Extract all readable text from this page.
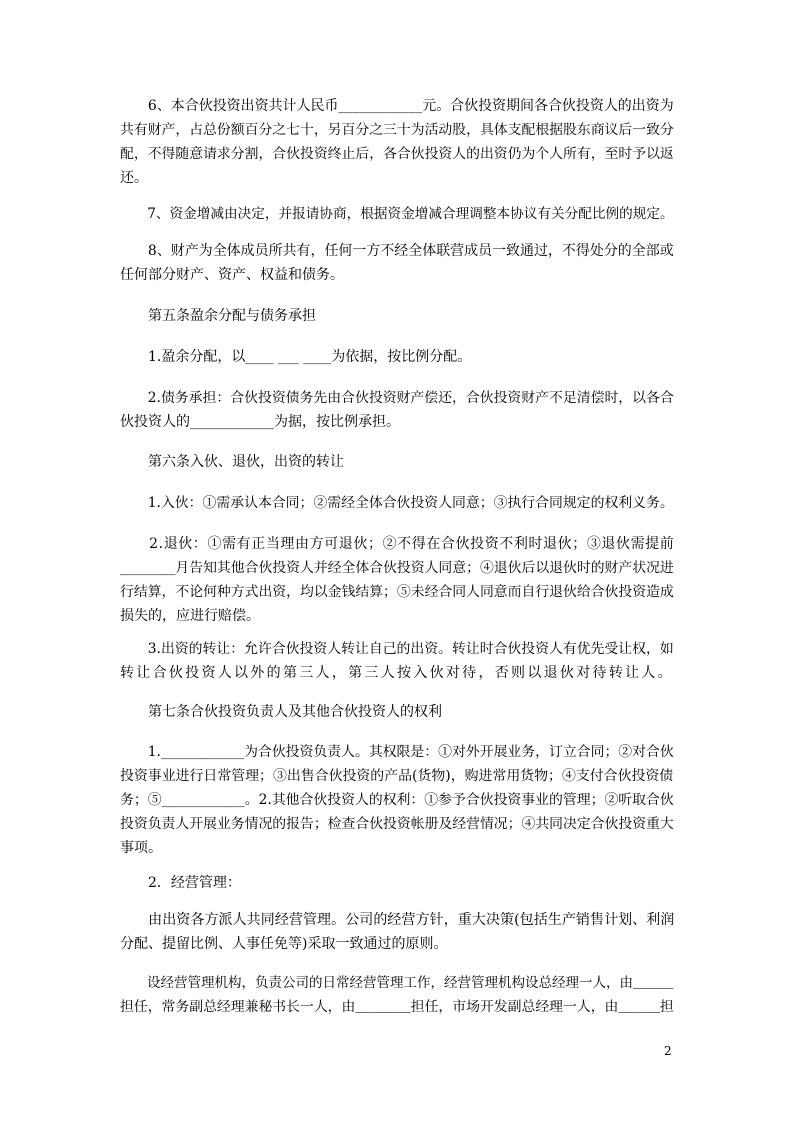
　　6、本合伙投资出资共计人民币____________元。合伙投资期间各合伙投资人的出资为
共有财产，占总份额百分之七十，另百分之三十为活动股，具体支配根据股东商议后一致分
配，不得随意请求分割，合伙投资终止后，各合伙投资人的出资仍为个人所有，至时予以返
还。
　　7、资金增减由决定，并报请协商，根据资金增减合理调整本协议有关分配比例的规定。
　　8、财产为全体成员所共有，任何一方不经全体联营成员一致通过，不得处分的全部或
任何部分财产、资产、权益和债务。
　　第五条盈余分配与债务承担
　　1.盈余分配，以____ ___ ____为依据，按比例分配。
　　2.债务承担：合伙投资债务先由合伙投资财产偿还，合伙投资财产不足清偿时，以各合
伙投资人的____________为据，按比例承担。
　　第六条入伙、退伙，出资的转让
　　1.入伙：①需承认本合同；②需经全体合伙投资人同意；③执行合同规定的权利义务。
　　2.退伙：①需有正当理由方可退伙；②不得在合伙投资不利时退伙；③退伙需提前
________月告知其他合伙投资人并经全体合伙投资人同意；④退伙后以退伙时的财产状况进
行结算，不论何种方式出资，均以金钱结算；⑤未经合同人同意而自行退伙给合伙投资造成
损失的，应进行赔偿。
　　3.出资的转让：允许合伙投资人转让自己的出资。转让时合伙投资人有优先受让权，如
转让合伙投资人以外的第三人，第三人按入伙对待，否则以退伙对待转让人。
　　第七条合伙投资负责人及其他合伙投资人的权利
　　1.____________为合伙投资负责人。其权限是：①对外开展业务，订立合同；②对合伙
投资事业进行日常管理；③出售合伙投资的产品(货物)，购进常用货物；④支付合伙投资债
务；⑤____________。2.其他合伙投资人的权利：①参予合伙投资事业的管理；②听取合伙
投资负责人开展业务情况的报告；检查合伙投资帐册及经营情况；④共同决定合伙投资重大
事项。
　　2．经营管理：
　　由出资各方派人共同经营管理。公司的经营方针，重大决策(包括生产销售计划、利润
分配、提留比例、人事任免等)采取一致通过的原则。
　　设经营管理机构，负责公司的日常经营管理工作，经营管理机构设总经理一人，由＿＿＿
担任，常务副总经理兼秘书长一人，由＿＿＿＿担任，市场开发副总经理一人，由＿＿＿担
2
